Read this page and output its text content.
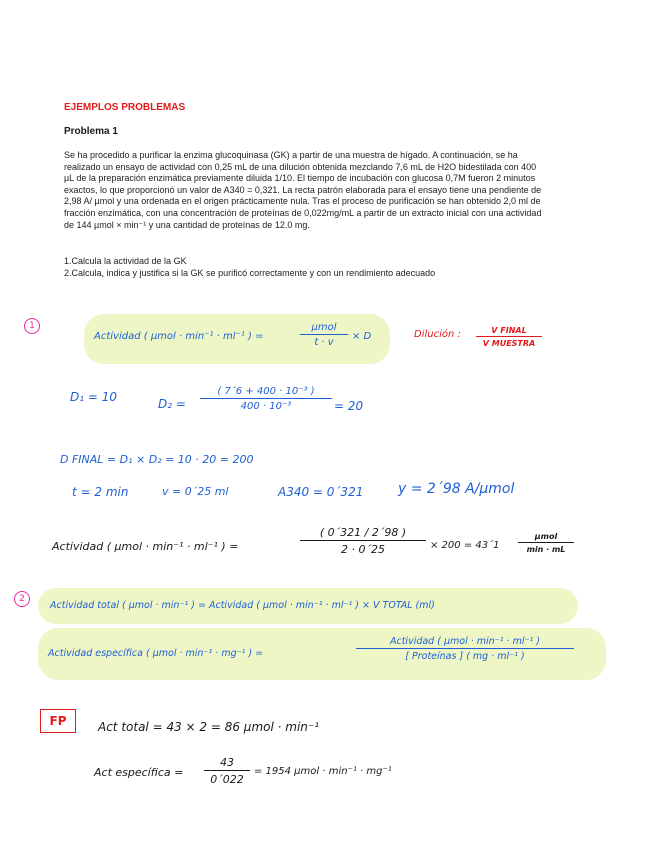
EJEMPLOS PROBLEMAS
Problema 1

Se ha procedido a purificar la enzima glucoquinasa (GK) a partir de una muestra de hígado. A continuación, se ha realizado un ensayo de actividad con 0,25 mL de una dilución obtenida mezclando 7,6 mL de H2O bidestilada con 400 µL de la preparación enzimática previamente diluida 1/10. El tiempo de incubación con glucosa 0,7M fueron 2 minutos exactos, lo que proporcionó un valor de A340 = 0,321. La recta patrón elaborada para el ensayo tiene una pendiente de 2,98 A/ µmol y una ordenada en el origen prácticamente nula. Tras el proceso de purificación se han obtenido 2,0 ml de fracción enzimática, con una concentración de proteínas de 0,022mg/mL a partir de un extracto inicial con una actividad de 144 µmol × min⁻¹ y una cantidad de proteínas de 12.0 mg.

1.Calcula la actividad de la GK

2.Calcula, indica y justifica si la GK se purificó correctamente y con un rendimiento adecuado

1
Actividad ( µmol · min⁻¹ · ml⁻¹ ) =
µmol
t · v
× D	Dilución :	V FINAL
V MUESTRA
D₁ = 10	$D_2 = \frac{\text{( 7´6 + 400 · 10⁻³ )}}{\text{400 · 10⁻³}} = 20$
D FINAL = D₁ × D₂ = 10 · 20 = 200
t = 2 min	v = 0´25 ml	A340 = 0´321 y = 2´98 A/µmol
Actividad ( µmol · min⁻¹ · ml⁻¹ ) =	$\frac{( 0´321 / 2´98 )}{2 \cdot 0´25} \times 200$ = 43´1
µmol
min · mL
2
Actividad total ( µmol · min⁻¹ ) = Actividad ( µmol · min⁻¹ · ml⁻¹ ) × V TOTAL (ml)
Actividad específica ( µmol · min⁻¹ · mg⁻¹ ) =
Actividad ( µmol · min⁻¹ · ml⁻¹ )
[ Proteínas ] ( mg · ml⁻¹ )
FP	Act total = 43 × 2 = 86 µmol · min⁻¹
Act específica = $\frac{43}{0´022} = 1954$ µmol · min⁻¹ · mg⁻¹
